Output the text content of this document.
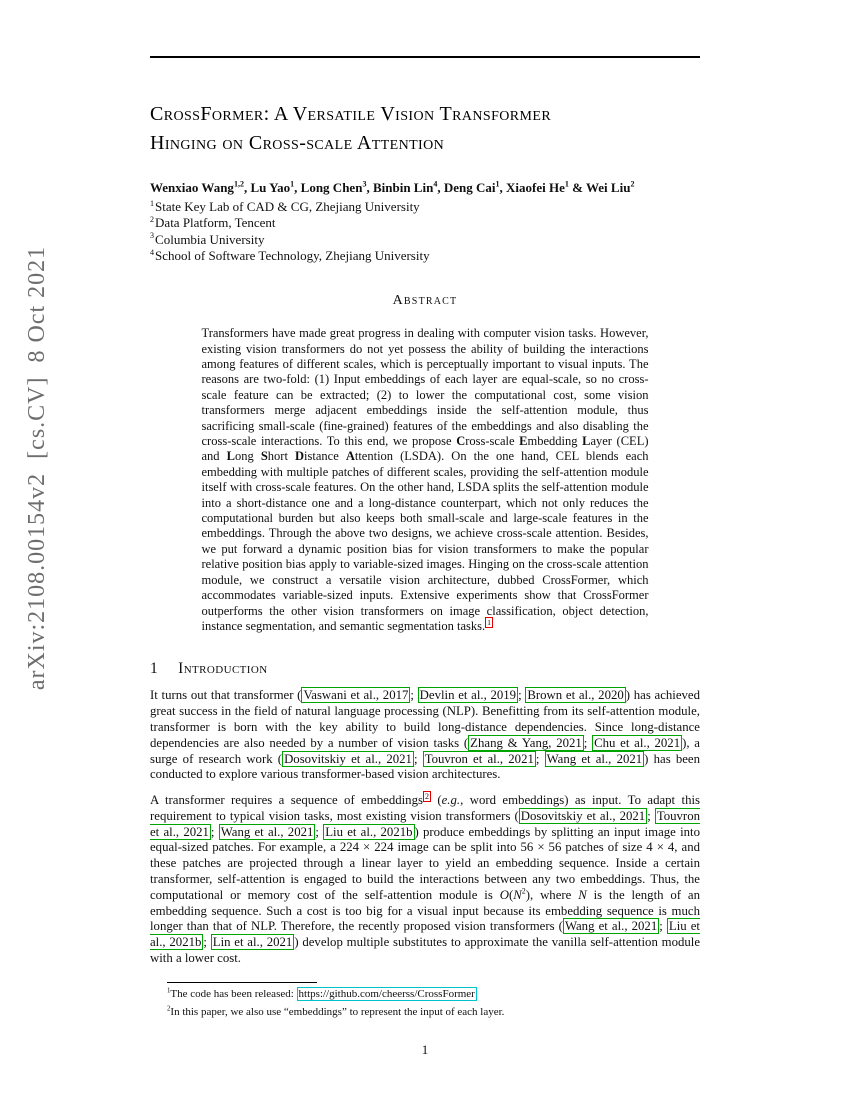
arXiv:2108.00154v2  [cs.CV]  8 Oct 2021
CrossFormer: A Versatile Vision Transformer
Hinging on Cross-scale Attention
Wenxiao Wang$^{1,2}$, Lu Yao$^1$, Long Chen$^3$, Binbin Lin$^4$, Deng Cai$^1$, Xiaofei He$^1$ & Wei Liu$^2$
$^1$State Key Lab of CAD & CG, Zhejiang University
$^2$Data Platform, Tencent
$^3$Columbia University
$^4$School of Software Technology, Zhejiang University
Abstract
Transformers have made great progress in dealing with computer vision tasks. However, existing vision transformers do not yet possess the ability of building the interactions among features of different scales, which is perceptually important to visual inputs. The reasons are two-fold: (1) Input embeddings of each layer are equal-scale, so no cross-scale feature can be extracted; (2) to lower the computational cost, some vision transformers merge adjacent embeddings inside the self-attention module, thus sacrificing small-scale (fine-grained) features of the embeddings and also disabling the cross-scale interactions. To this end, we propose Cross-scale Embedding Layer (CEL) and Long Short Distance Attention (LSDA). On the one hand, CEL blends each embedding with multiple patches of different scales, providing the self-attention module itself with cross-scale features. On the other hand, LSDA splits the self-attention module into a short-distance one and a long-distance counterpart, which not only reduces the computational burden but also keeps both small-scale and large-scale features in the embeddings. Through the above two designs, we achieve cross-scale attention. Besides, we put forward a dynamic position bias for vision transformers to make the popular relative position bias apply to variable-sized images. Hinging on the cross-scale attention module, we construct a versatile vision architecture, dubbed CrossFormer, which accommodates variable-sized inputs. Extensive experiments show that CrossFormer outperforms the other vision transformers on image classification, object detection, instance segmentation, and semantic segmentation tasks. $^1$
1 Introduction

It turns out that transformer ( Vaswani et al., 2017 ; Devlin et al., 2019 ; Brown et al., 2020 ) has achieved great success in the field of natural language processing (NLP). Benefitting from its self-attention module, transformer is born with the key ability to build long-distance dependencies. Since long-distance dependencies are also needed by a number of vision tasks ( Zhang & Yang, 2021 ; Chu et al., 2021 ), a surge of research work ( Dosovitskiy et al., 2021 ; Touvron et al., 2021 ; Wang et al., 2021 ) has been conducted to explore various transformer-based vision architectures.

A transformer requires a sequence of embeddings $^2$ (e.g., word embeddings) as input. To adapt this requirement to typical vision tasks, most existing vision transformers ( Dosovitskiy et al., 2021 ; Touvron et al., 2021 ; Wang et al., 2021 ; Liu et al., 2021b ) produce embeddings by splitting an input image into equal-sized patches. For example, a 224 × 224 image can be split into 56 × 56 patches of size 4 × 4, and these patches are projected through a linear layer to yield an embedding sequence. Inside a certain transformer, self-attention is engaged to build the interactions between any two embeddings. Thus, the computational or memory cost of the self-attention module is $O(N^2)$, where N is the length of an embedding sequence. Such a cost is too big for a visual input because its embedding sequence is much longer than that of NLP. Therefore, the recently proposed vision transformers ( Wang et al., 2021 ; Liu et al., 2021b ; Lin et al., 2021 ) develop multiple substitutes to approximate the vanilla self-attention module with a lower cost.

$^1$The code has been released: https://github.com/cheerss/CrossFormer
$^2$In this paper, we also use “embeddings” to represent the input of each layer.
1
